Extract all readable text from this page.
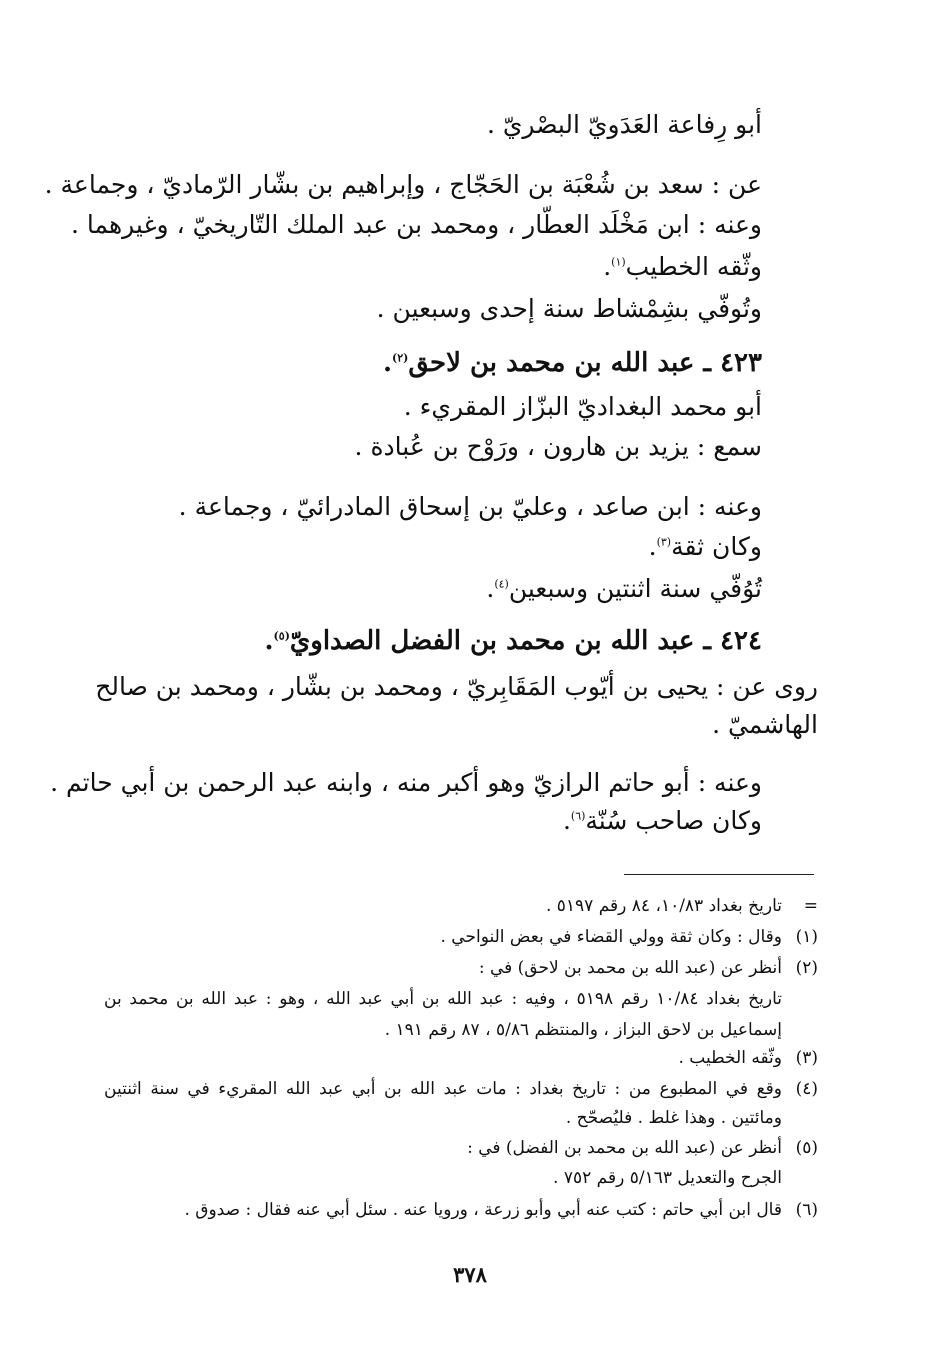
أبو رِفاعة العَدَويّ البصْريّ .
عن : سعد بن شُعْبَة بن الحَجّاج ، وإبراهيم بن بشّار الرّماديّ ، وجماعة .
وعنه : ابن مَخْلَد العطّار ، ومحمد بن عبد الملك التّاريخيّ ، وغيرهما .
وثّقه الخطيب$^{(١)}$.
وتُوفّي بشِمْشاط سنة إحدى وسبعين .
٤٢٣ ـ عبد الله بن محمد بن لاحق$^{(٢)}$.
أبو محمد البغداديّ البزّاز المقريء .
سمع : يزيد بن هارون ، ورَوْح بن عُبادة .
وعنه : ابن صاعد ، وعليّ بن إسحاق المادرائيّ ، وجماعة .
وكان ثقة$^{(٣)}$.
تُوُفّي سنة اثنتين وسبعين$^{(٤)}$.
٤٢٤ ـ عبد الله بن محمد بن الفضل الصداويّ$^{(٥)}$.
روى عن : يحيى بن أيّوب المَقَابِريّ ، ومحمد بن بشّار ، ومحمد بن صالح
الهاشميّ .
وعنه : أبو حاتم الرازيّ وهو أكبر منه ، وابنه عبد الرحمن بن أبي حاتم .
وكان صاحب سُنّة$^{(٦)}$.
=تاريخ بغداد ١٠/٨٣، ٨٤ رقم ٥١٩٧ .
(١)وقال : وكان ثقة وولي القضاء في بعض النواحي .
(٢)أنظر عن (عبد الله بن محمد بن لاحق) في :
تاريخ بغداد ١٠/٨٤ رقم ٥١٩٨ ، وفيه : عبد الله بن أبي عبد الله ، وهو : عبد الله بن محمد بن
إسماعيل بن لاحق البزاز ، والمنتظم ٥/٨٦ ، ٨٧ رقم ١٩١ .
(٣)وثّقه الخطيب .
(٤)وقع في المطبوع من : تاريخ بغداد : مات عبد الله بن أبي عبد الله المقريء في سنة اثنتين
ومائتين . وهذا غلط . فليُصحّح .
(٥)أنظر عن (عبد الله بن محمد بن الفضل) في :
الجرح والتعديل ٥/١٦٣ رقم ٧٥٢ .
(٦)قال ابن أبي حاتم : كتب عنه أبي وأبو زرعة ، ورويا عنه . سئل أبي عنه فقال : صدوق .
٣٧٨
